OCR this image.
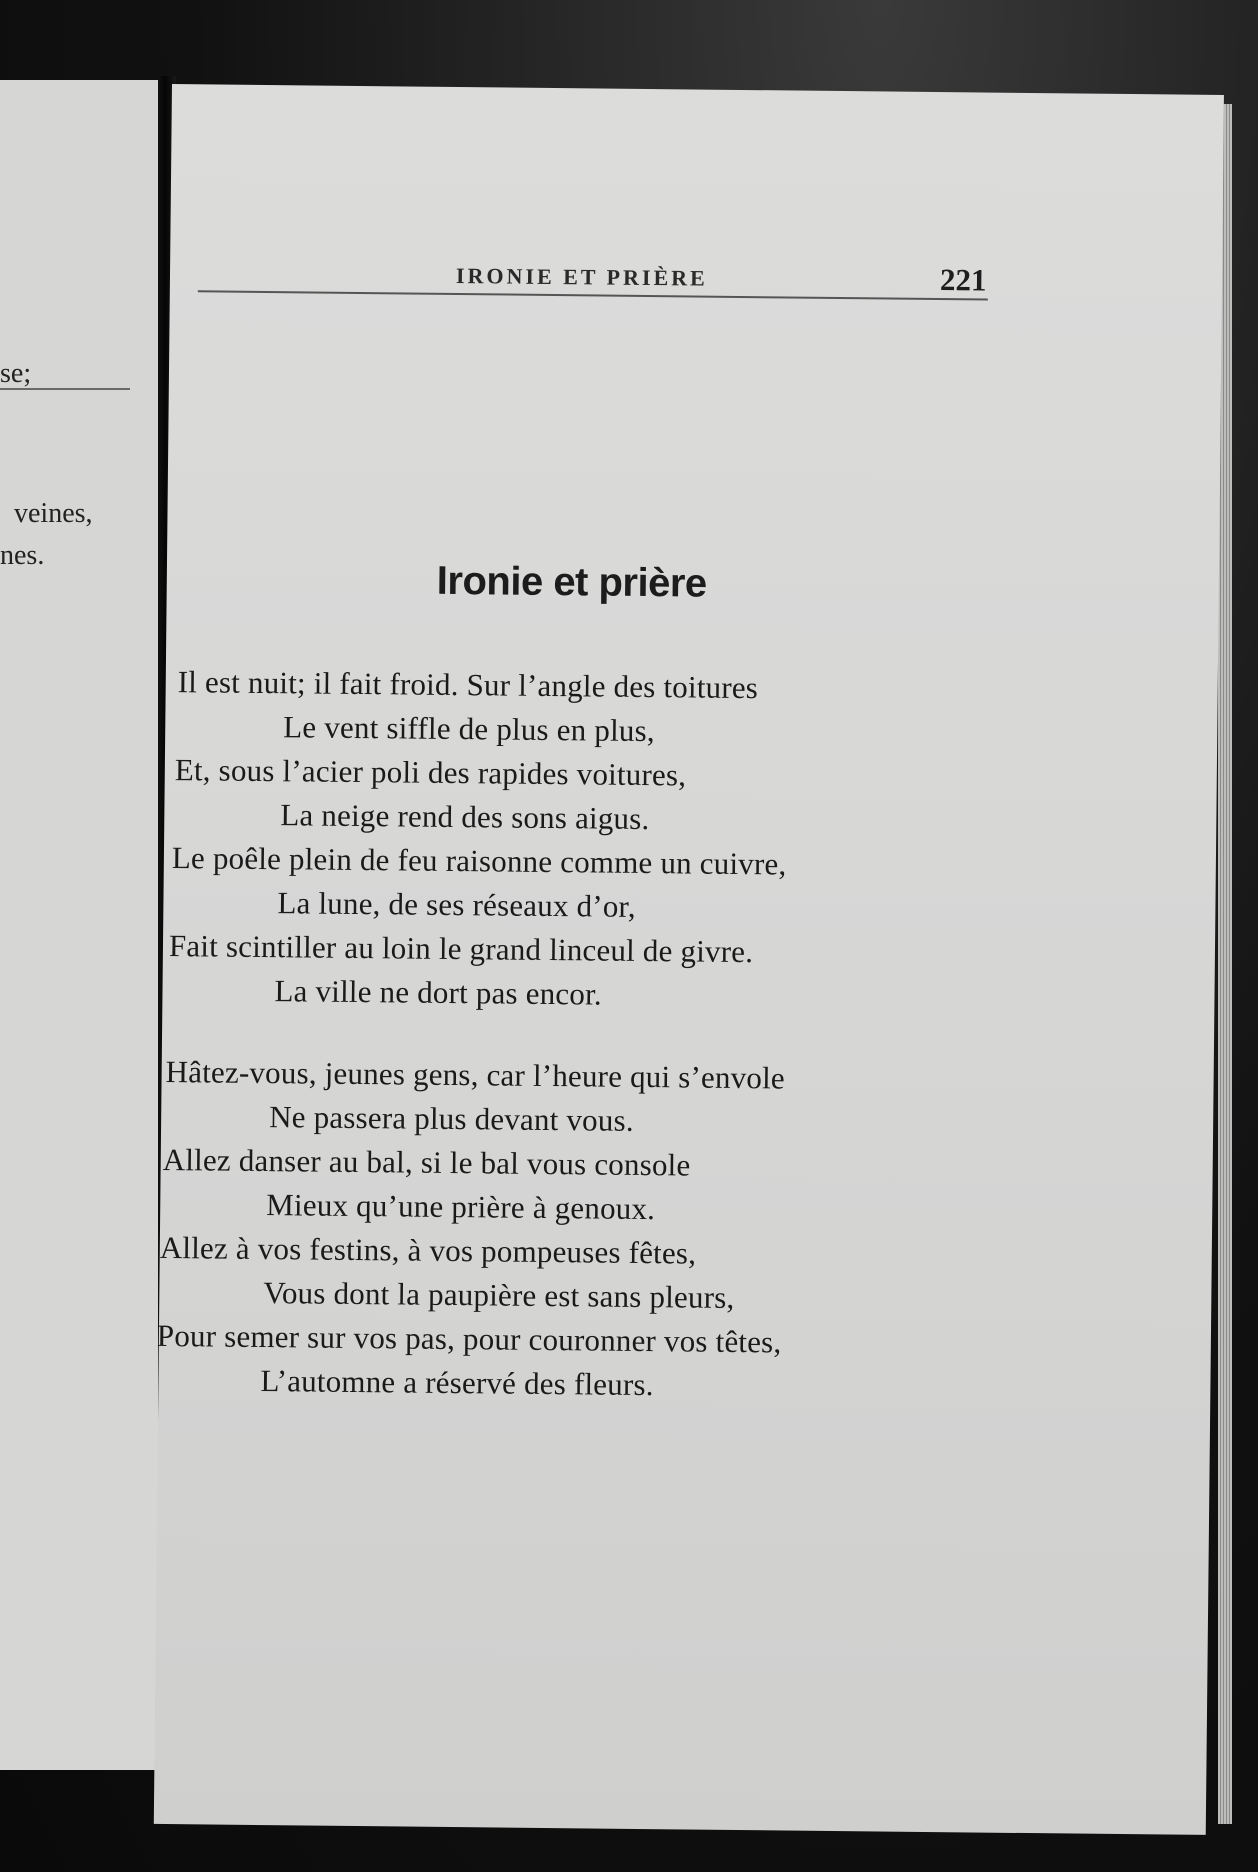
se;
veines,
nes.
IRONIE ET PRIÈRE	221
Ironie et prière
Il est nuit; il fait froid. Sur l’angle des toitures
Le vent siffle de plus en plus,
Et, sous l’acier poli des rapides voitures,
La neige rend des sons aigus.
Le poêle plein de feu raisonne comme un cuivre,
La lune, de ses réseaux d’or,
Fait scintiller au loin le grand linceul de givre.
La ville ne dort pas encor.
Hâtez-vous, jeunes gens, car l’heure qui s’envole
Ne passera plus devant vous.
Allez danser au bal, si le bal vous console
Mieux qu’une prière à genoux.
Allez à vos festins, à vos pompeuses fêtes,
Vous dont la paupière est sans pleurs,
Pour semer sur vos pas, pour couronner vos têtes,
L’automne a réservé des fleurs.
